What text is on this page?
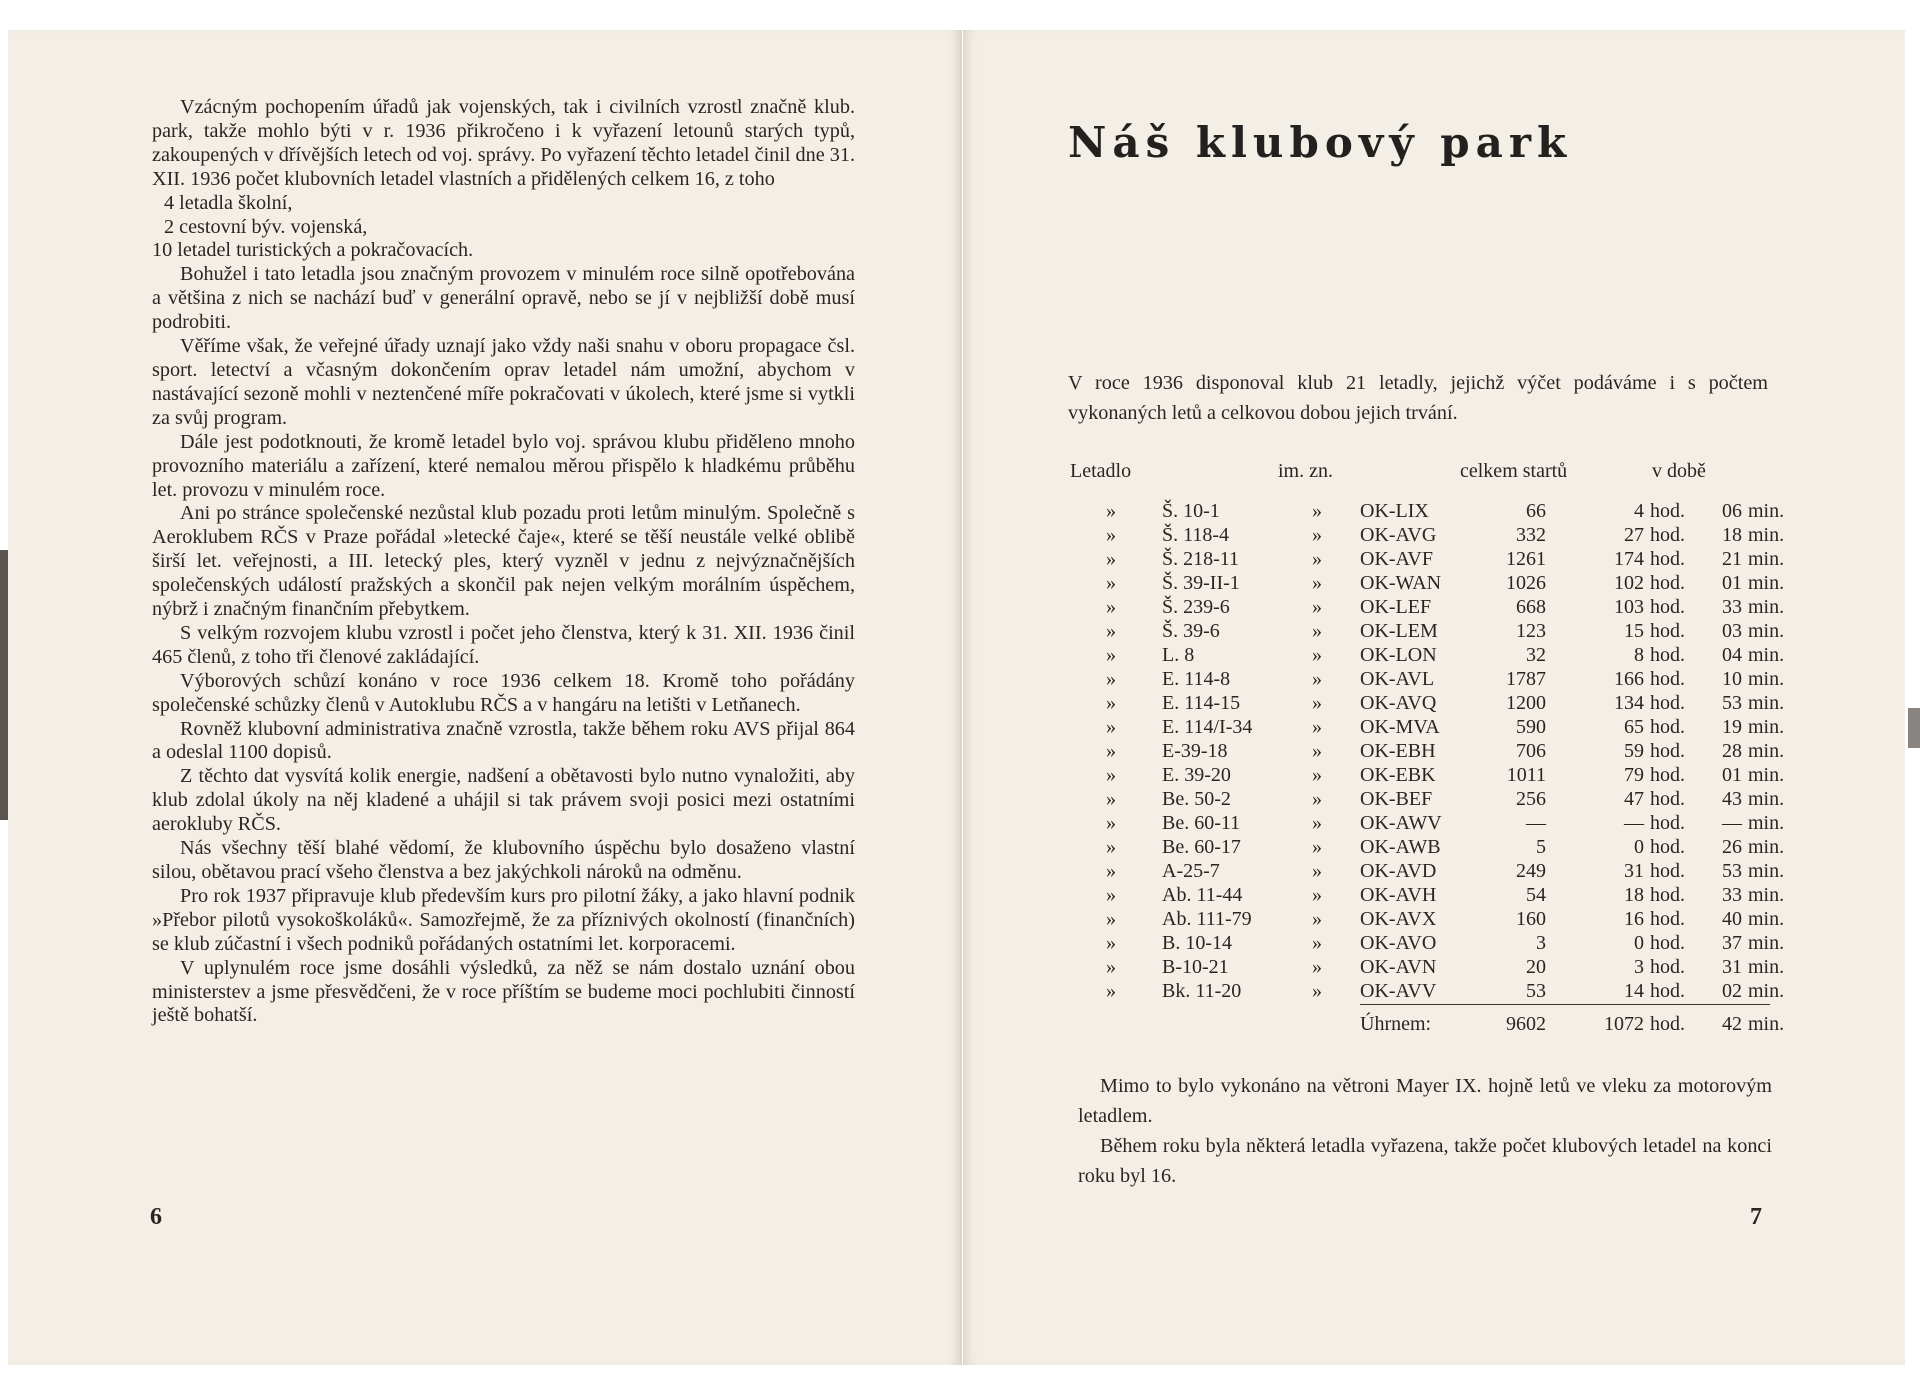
Vzácným pochopením úřadů jak vojenských, tak i civilních vzrostl značně klub. park, takže mohlo býti v r. 1936 přikročeno i k vyřazení letounů starých typů, zakoupených v dřívějších letech od voj. správy. Po vyřazení těchto letadel činil dne 31. XII. 1936 počet klubovních letadel vlastních a přidělených celkem 16, z toho

4 letadla školní,

2 cestovní býv. vojenská,

10 letadel turistických a pokračovacích.

Bohužel i tato letadla jsou značným provozem v minulém roce silně opotřebována a většina z nich se nachází buď v generální opravě, nebo se jí v nejbližší době musí podrobiti.

Věříme však, že veřejné úřady uznají jako vždy naši snahu v oboru propagace čsl. sport. letectví a včasným dokončením oprav letadel nám umožní, abychom v nastávající sezoně mohli v neztenčené míře pokračovati v úkolech, které jsme si vytkli za svůj program.

Dále jest podotknouti, že kromě letadel bylo voj. správou klubu přiděleno mnoho provozního materiálu a zařízení, které nemalou měrou přispělo k hladkému průběhu let. provozu v minulém roce.

Ani po stránce společenské nezůstal klub pozadu proti letům minulým. Společně s Aeroklubem RČS v Praze pořádal »letecké čaje«, které se těší neustále velké oblibě širší let. veřejnosti, a III. letecký ples, který vyzněl v jednu z nejvýznačnějších společenských událostí pražských a skončil pak nejen velkým morálním úspěchem, nýbrž i značným finančním přebytkem.

S velkým rozvojem klubu vzrostl i počet jeho členstva, který k 31. XII. 1936 činil 465 členů, z toho tři členové zakládající.

Výborových schůzí konáno v roce 1936 celkem 18. Kromě toho pořádány společenské schůzky členů v Autoklubu RČS a v hangáru na letišti v Letňanech.

Rovněž klubovní administrativa značně vzrostla, takže během roku AVS přijal 864 a odeslal 1100 dopisů.

Z těchto dat vysvítá kolik energie, nadšení a obětavosti bylo nutno vynaložiti, aby klub zdolal úkoly na něj kladené a uhájil si tak právem svoji posici mezi ostatními aerokluby RČS.

Nás všechny těší blahé vědomí, že klubovního úspěchu bylo dosaženo vlastní silou, obětavou prací všeho členstva a bez jakýchkoli nároků na odměnu.

Pro rok 1937 připravuje klub především kurs pro pilotní žáky, a jako hlavní podnik »Přebor pilotů vysokoškoláků«. Samozřejmě, že za příznivých okolností (finančních) se klub zúčastní i všech podniků pořádaných ostatními let. korporacemi.

V uplynulém roce jsme dosáhli výsledků, za něž se nám dostalo uznání obou ministerstev a jsme přesvědčeni, že v roce příštím se budeme moci pochlubiti činností ještě bohatší.

6
Náš klubový park

V roce 1936 disponoval klub 21 letadly, jejichž výčet podáváme i s počtem vykonaných letů a celkovou dobou jejich trvání.

Letadlo	im. zn.	celkem startů	v době
» Š. 10-1	» OK-LIX	66	4 hod.	06 min.
» Š. 118-4	» OK-AVG	332	27 hod.	18 min.
» Š. 218-11	» OK-AVF	1261	174 hod.	21 min.
» Š. 39-II-1	» OK-WAN	1026	102 hod.	01 min.
» Š. 239-6	» OK-LEF	668	103 hod.	33 min.
» Š. 39-6	» OK-LEM	123	15 hod.	03 min.
» L. 8	» OK-LON	32	8 hod.	04 min.
» E. 114-8	» OK-AVL	1787	166 hod.	10 min.
» E. 114-15	» OK-AVQ	1200	134 hod.	53 min.
» E. 114/I-34	» OK-MVA	590	65 hod.	19 min.
» E-39-18	» OK-EBH	706	59 hod.	28 min.
» E. 39-20	» OK-EBK	1011	79 hod.	01 min.
» Be. 50-2	» OK-BEF	256	47 hod.	43 min.
» Be. 60-11	» OK-AWV	—	— hod.	— min.
» Be. 60-17	» OK-AWB	5	0 hod.	26 min.
» A-25-7	» OK-AVD	249	31 hod.	53 min.
» Ab. 11-44	» OK-AVH	54	18 hod.	33 min.
» Ab. 111-79	» OK-AVX	160	16 hod.	40 min.
» B. 10-14	» OK-AVO	3	0 hod.	37 min.
» B-10-21	» OK-AVN	20	3 hod.	31 min.
» Bk. 11-20	» OK-AVV	53	14 hod.	02 min.
Úhrnem:	9602	1072 hod.	42 min.

Mimo to bylo vykonáno na větroni Mayer IX. hojně letů ve vleku za motorovým letadlem.

Během roku byla některá letadla vyřazena, takže počet klubových letadel na konci roku byl 16.

7
